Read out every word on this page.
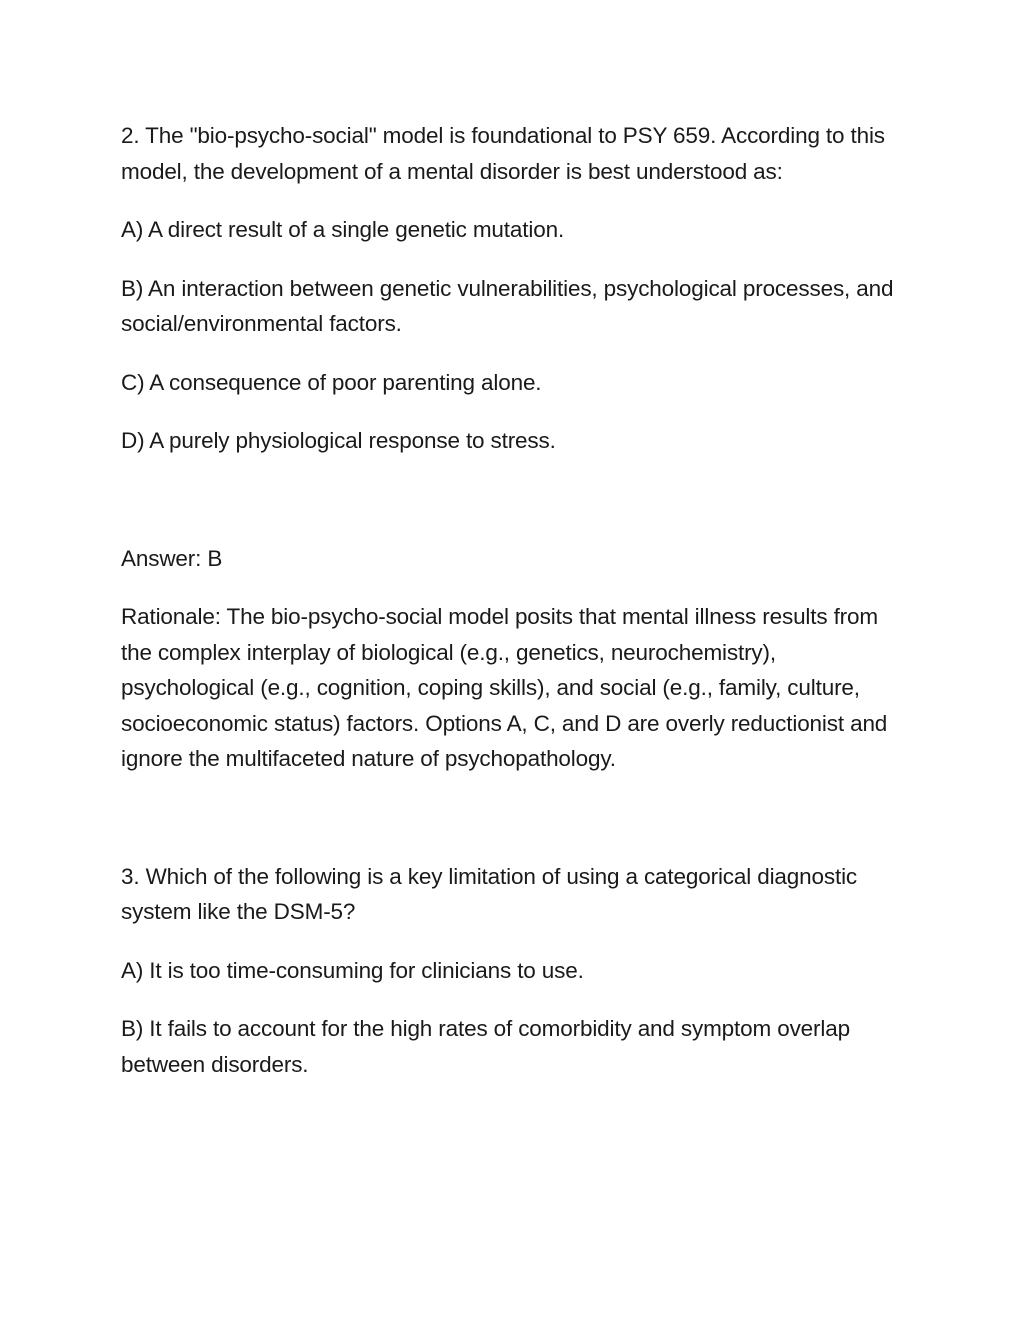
2. The "bio-psycho-social" model is foundational to PSY 659. According to this model, the development of a mental disorder is best understood as:

A) A direct result of a single genetic mutation.

B) An interaction between genetic vulnerabilities, psychological processes, and social/environmental factors.

C) A consequence of poor parenting alone.

D) A purely physiological response to stress.

Answer: B

Rationale: The bio-psycho-social model posits that mental illness results from the complex interplay of biological (e.g., genetics, neurochemistry), psychological (e.g., cognition, coping skills), and social (e.g., family, culture, socioeconomic status) factors. Options A, C, and D are overly reductionist and ignore the multifaceted nature of psychopathology.

3. Which of the following is a key limitation of using a categorical diagnostic system like the DSM-5?

A) It is too time-consuming for clinicians to use.

B) It fails to account for the high rates of comorbidity and symptom overlap between disorders.
